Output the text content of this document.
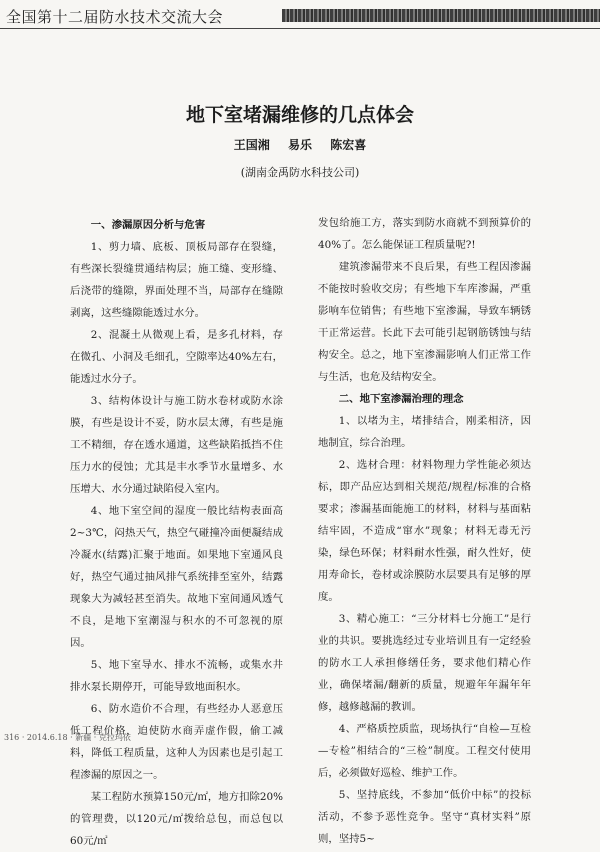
全国第十二届防水技术交流大会
地下室堵漏维修的几点体会
王国湘 易乐 陈宏喜
(湖南金禹防水科技公司)

一、渗漏原因分析与危害

1、剪力墙、底板、顶板局部存在裂缝，有些深长裂缝贯通结构层；施工缝、变形缝、后浇带的缝隙，界面处理不当，局部存在缝隙剥离，这些缝隙能透过水分。

2、混凝土从微观上看，是多孔材料，存在微孔、小洞及毛细孔，空隙率达40%左右，能透过水分子。

3、结构体设计与施工防水卷材或防水涂膜，有些是设计不妥，防水层太薄，有些是施工不精细，存在透水通道，这些缺陷抵挡不住压力水的侵蚀；尤其是丰水季节水量增多、水压增大、水分通过缺陷侵入室内。

4、地下室空间的湿度一般比结构表面高2~3℃，闷热天气，热空气碰撞冷面便凝结成冷凝水(结露)汇聚于地面。如果地下室通风良好，热空气通过抽风排气系统排至室外，结露现象大为减轻甚至消失。故地下室间通风透气不良，是地下室潮湿与积水的不可忽视的原因。

5、地下室导水、排水不流畅，或集水井排水泵长期停开，可能导致地面积水。

6、防水造价不合理，有些经办人恶意压低工程价格，迫使防水商弄虚作假，偷工减料，降低工程质量，这种人为因素也是引起工程渗漏的原因之一。

某工程防水预算150元/㎡，地方扣除20%的管理费，以120元/㎡拨给总包，而总包以60元/㎡

发包给施工方，落实到防水商就不到预算价的40%了。怎么能保证工程质量呢?!

建筑渗漏带来不良后果，有些工程因渗漏不能按时验收交房；有些地下车库渗漏，严重影响车位销售；有些地下室渗漏，导致车辆锈干正常运营。长此下去可能引起钢筋锈蚀与结构安全。总之，地下室渗漏影响人们正常工作与生活，也危及结构安全。

二、地下室渗漏治理的理念

1、以堵为主，堵排结合，刚柔相济，因地制宜，综合治理。

2、选材合理：材料物理力学性能必须达标，即产品应达到相关规范/规程/标准的合格要求；渗漏基面能施工的材料，材料与基面粘结牢固，不造成“窜水”现象；材料无毒无污染，绿色环保；材料耐水性强，耐久性好，使用寿命长，卷材或涂膜防水层要具有足够的厚度。

3、精心施工：“三分材料七分施工”是行业的共识。要挑选经过专业培训且有一定经验的防水工人承担修缮任务，要求他们精心作业，确保堵漏/翻新的质量，规避年年漏年年修，越修越漏的教训。

4、严格质控质监，现场执行“自检—互检—专检”相结合的“三检”制度。工程交付使用后，必须做好巡检、维护工作。

5、坚持底线，不参加“低价中标”的投标活动，不参予恶性竞争。坚守“真材实料”原则，坚持5~

316 · 2014.6.18 · 新疆 · 克拉玛依
